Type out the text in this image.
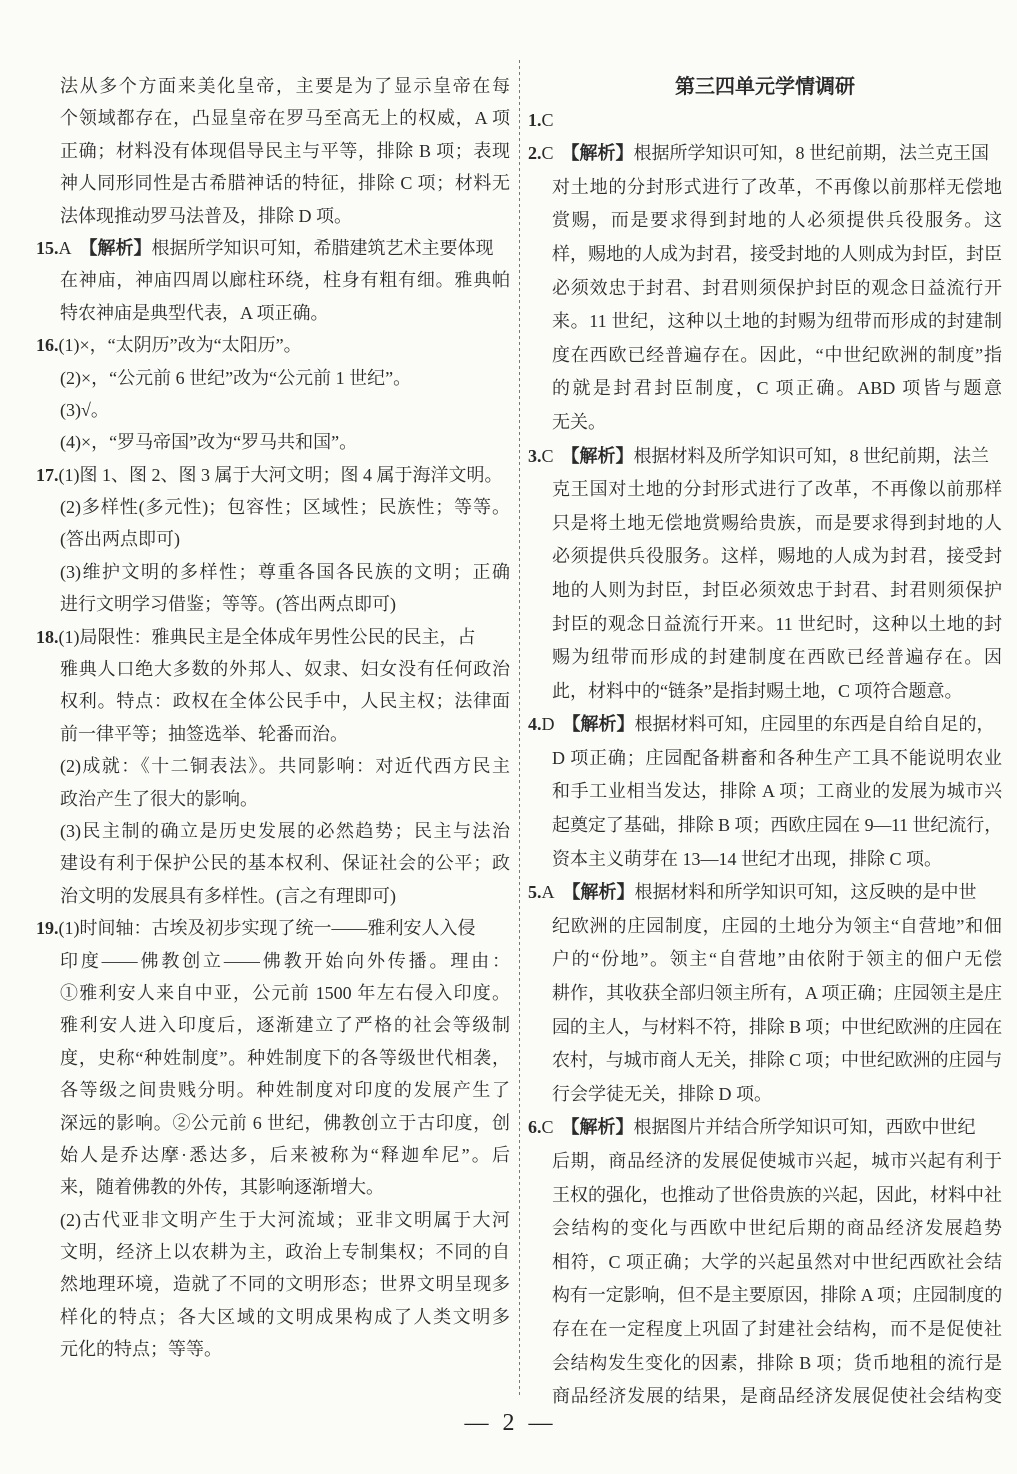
法从多个方面来美化皇帝，主要是为了显示皇帝在每
个领域都存在，凸显皇帝在罗马至高无上的权威，A 项
正确；材料没有体现倡导民主与平等，排除 B 项；表现
神人同形同性是古希腊神话的特征，排除 C 项；材料无
法体现推动罗马法普及，排除 D 项。
15.A 【解析】根据所学知识可知，希腊建筑艺术主要体现
在神庙，神庙四周以廊柱环绕，柱身有粗有细。雅典帕
特农神庙是典型代表，A 项正确。
16.(1)×，“太阴历”改为“太阳历”。
(2)×，“公元前 6 世纪”改为“公元前 1 世纪”。
(3)√。
(4)×，“罗马帝国”改为“罗马共和国”。
17.(1)图 1、图 2、图 3 属于大河文明；图 4 属于海洋文明。
(2)多样性(多元性)；包容性；区域性；民族性；等等。
(答出两点即可)
(3)维护文明的多样性；尊重各国各民族的文明；正确
进行文明学习借鉴；等等。(答出两点即可)
18.(1)局限性：雅典民主是全体成年男性公民的民主，占
雅典人口绝大多数的外邦人、奴隶、妇女没有任何政治
权利。特点：政权在全体公民手中，人民主权；法律面
前一律平等；抽签选举、轮番而治。
(2)成就：《十二铜表法》。共同影响：对近代西方民主
政治产生了很大的影响。
(3)民主制的确立是历史发展的必然趋势；民主与法治
建设有利于保护公民的基本权利、保证社会的公平；政
治文明的发展具有多样性。(言之有理即可)
19.(1)时间轴：古埃及初步实现了统一——雅利安人入侵
印度——佛教创立——佛教开始向外传播。理由：
①雅利安人来自中亚，公元前 1500 年左右侵入印度。
雅利安人进入印度后，逐渐建立了严格的社会等级制
度，史称“种姓制度”。种姓制度下的各等级世代相袭，
各等级之间贵贱分明。种姓制度对印度的发展产生了
深远的影响。②公元前 6 世纪，佛教创立于古印度，创
始人是乔达摩·悉达多，后来被称为“释迦牟尼”。后
来，随着佛教的外传，其影响逐渐增大。
(2)古代亚非文明产生于大河流域；亚非文明属于大河
文明，经济上以农耕为主，政治上专制集权；不同的自
然地理环境，造就了不同的文明形态；世界文明呈现多
样化的特点；各大区域的文明成果构成了人类文明多
元化的特点；等等。
第三四单元学情调研
1.C
2.C 【解析】根据所学知识可知，8 世纪前期，法兰克王国
对土地的分封形式进行了改革，不再像以前那样无偿地
赏赐，而是要求得到封地的人必须提供兵役服务。这
样，赐地的人成为封君，接受封地的人则成为封臣，封臣
必须效忠于封君、封君则须保护封臣的观念日益流行开
来。11 世纪，这种以土地的封赐为纽带而形成的封建制
度在西欧已经普遍存在。因此，“中世纪欧洲的制度”指
的就是封君封臣制度，C 项正确。ABD 项皆与题意
无关。
3.C 【解析】根据材料及所学知识可知，8 世纪前期，法兰
克王国对土地的分封形式进行了改革，不再像以前那样
只是将土地无偿地赏赐给贵族，而是要求得到封地的人
必须提供兵役服务。这样，赐地的人成为封君，接受封
地的人则为封臣，封臣必须效忠于封君、封君则须保护
封臣的观念日益流行开来。11 世纪时，这种以土地的封
赐为纽带而形成的封建制度在西欧已经普遍存在。因
此，材料中的“链条”是指封赐土地，C 项符合题意。
4.D 【解析】根据材料可知，庄园里的东西是自给自足的，
D 项正确；庄园配备耕畜和各种生产工具不能说明农业
和手工业相当发达，排除 A 项；工商业的发展为城市兴
起奠定了基础，排除 B 项；西欧庄园在 9—11 世纪流行，
资本主义萌芽在 13—14 世纪才出现，排除 C 项。
5.A 【解析】根据材料和所学知识可知，这反映的是中世
纪欧洲的庄园制度，庄园的土地分为领主“自营地”和佃
户的“份地”。领主“自营地”由依附于领主的佃户无偿
耕作，其收获全部归领主所有，A 项正确；庄园领主是庄
园的主人，与材料不符，排除 B 项；中世纪欧洲的庄园在
农村，与城市商人无关，排除 C 项；中世纪欧洲的庄园与
行会学徒无关，排除 D 项。
6.C 【解析】根据图片并结合所学知识可知，西欧中世纪
后期，商品经济的发展促使城市兴起，城市兴起有利于
王权的强化，也推动了世俗贵族的兴起，因此，材料中社
会结构的变化与西欧中世纪后期的商品经济发展趋势
相符，C 项正确；大学的兴起虽然对中世纪西欧社会结
构有一定影响，但不是主要原因，排除 A 项；庄园制度的
存在在一定程度上巩固了封建社会结构，而不是促使社
会结构发生变化的因素，排除 B 项；货币地租的流行是
商品经济发展的结果，是商品经济发展促使社会结构变
— 2 —
